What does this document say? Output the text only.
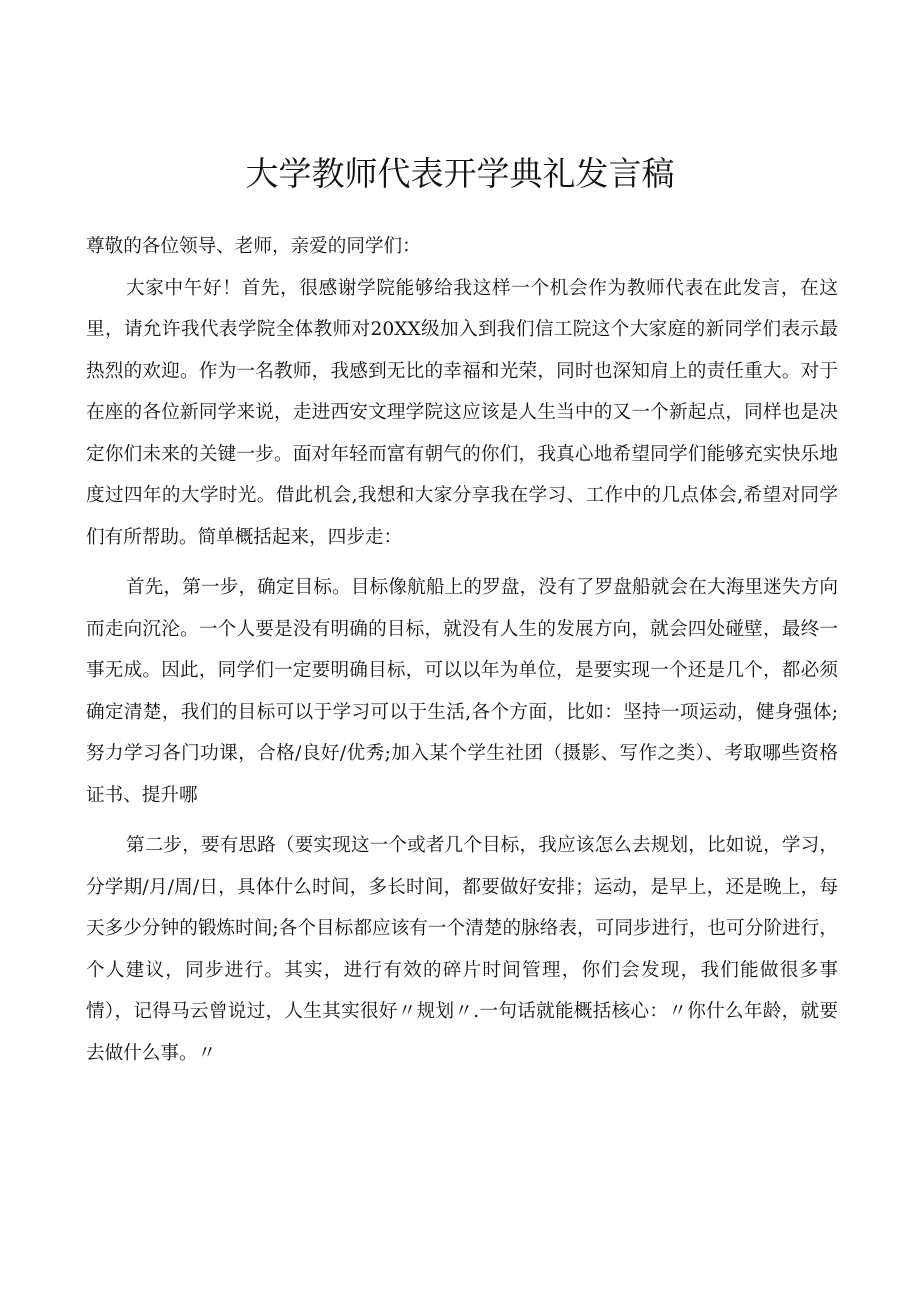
大学教师代表开学典礼发言稿

尊敬的各位领导、老师，亲爱的同学们：

大家中午好！首先，很感谢学院能够给我这样一个机会作为教师代表在此发言，在这里，请允许我代表学院全体教师对20XX级加入到我们信工院这个大家庭的新同学们表示最热烈的欢迎。作为一名教师，我感到无比的幸福和光荣，同时也深知肩上的责任重大。对于在座的各位新同学来说，走进西安文理学院这应该是人生当中的又一个新起点，同样也是决定你们未来的关键一步。面对年轻而富有朝气的你们，我真心地希望同学们能够充实快乐地度过四年的大学时光。借此机会,我想和大家分享我在学习、工作中的几点体会,希望对同学们有所帮助。简单概括起来，四步走：

首先，第一步，确定目标。目标像航船上的罗盘，没有了罗盘船就会在大海里迷失方向而走向沉沦。一个人要是没有明确的目标，就没有人生的发展方向，就会四处碰壁，最终一事无成。因此，同学们一定要明确目标，可以以年为单位，是要实现一个还是几个，都必须确定清楚，我们的目标可以于学习可以于生活,各个方面，比如：坚持一项运动，健身强体;努力学习各门功课，合格/良好/优秀;加入某个学生社团（摄影、写作之类）、考取哪些资格证书、提升哪

第二步，要有思路（要实现这一个或者几个目标，我应该怎么去规划，比如说，学习，分学期/月/周/日，具体什么时间，多长时间，都要做好安排；运动，是早上，还是晚上，每天多少分钟的锻炼时间;各个目标都应该有一个清楚的脉络表，可同步进行，也可分阶进行，个人建议，同步进行。其实，进行有效的碎片时间管理，你们会发现，我们能做很多事情），记得马云曾说过，人生其实很好〃规划〃.一句话就能概括核心：〃你什么年龄，就要去做什么事。〃
